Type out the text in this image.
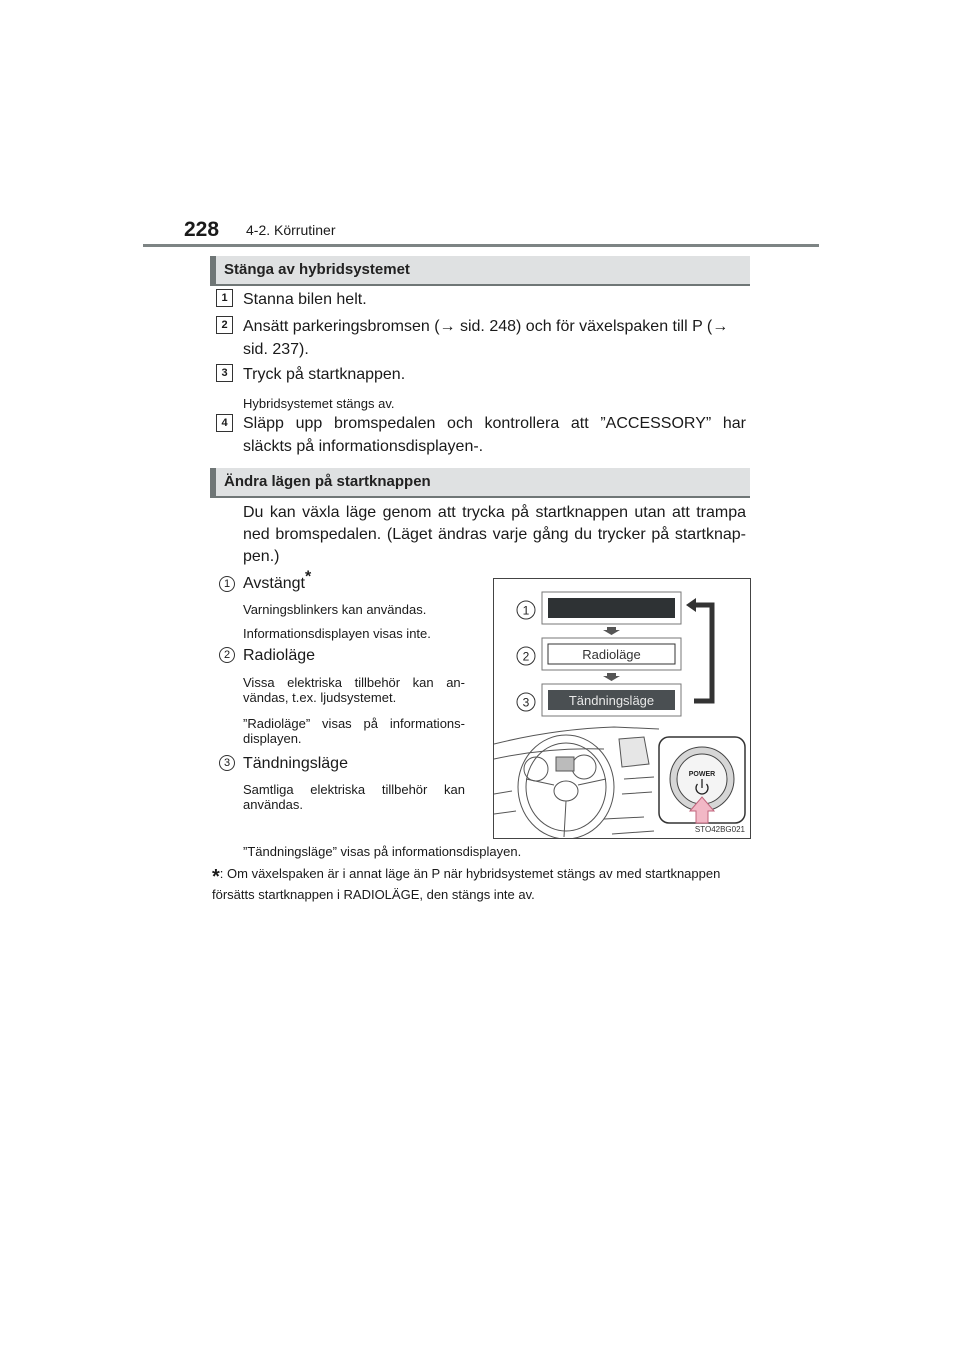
228 4-2. Körrutiner
Stänga av hybridsystemet
1 Stanna bilen helt.
2 Ansätt parkeringsbromsen (→ sid. 248) och för växelspaken till P (→ sid. 237).
3 Tryck på startknappen.
Hybridsystemet stängs av.
4 Släpp upp bromspedalen och kontrollera att ”ACCESSORY” har släckts på informationsdisplayen-.
Ändra lägen på startknappen
Du kan växla läge genom att trycka på startknappen utan att trampa ned bromspedalen. (Läget ändras varje gång du trycker på startknap-pen.)
1 Avstängt*
Varningsblinkers kan användas.
Informationsdisplayen visas inte.
2 Radioläge
Vissa elektriska tillbehör kan an-vändas, t.ex. ljudsystemet.
”Radioläge” visas på informations-displayen.
3 Tändningsläge
Samtliga elektriska tillbehör kan användas.
”Tändningsläge” visas på informationsdisplayen.
1
2
3
Radioläge
Tändningsläge
POWER
STO42BG021
*: Om växelspaken är i annat läge än P när hybridsystemet stängs av med startknappen försätts startknappen i RADIOLÄGE, den stängs inte av.
